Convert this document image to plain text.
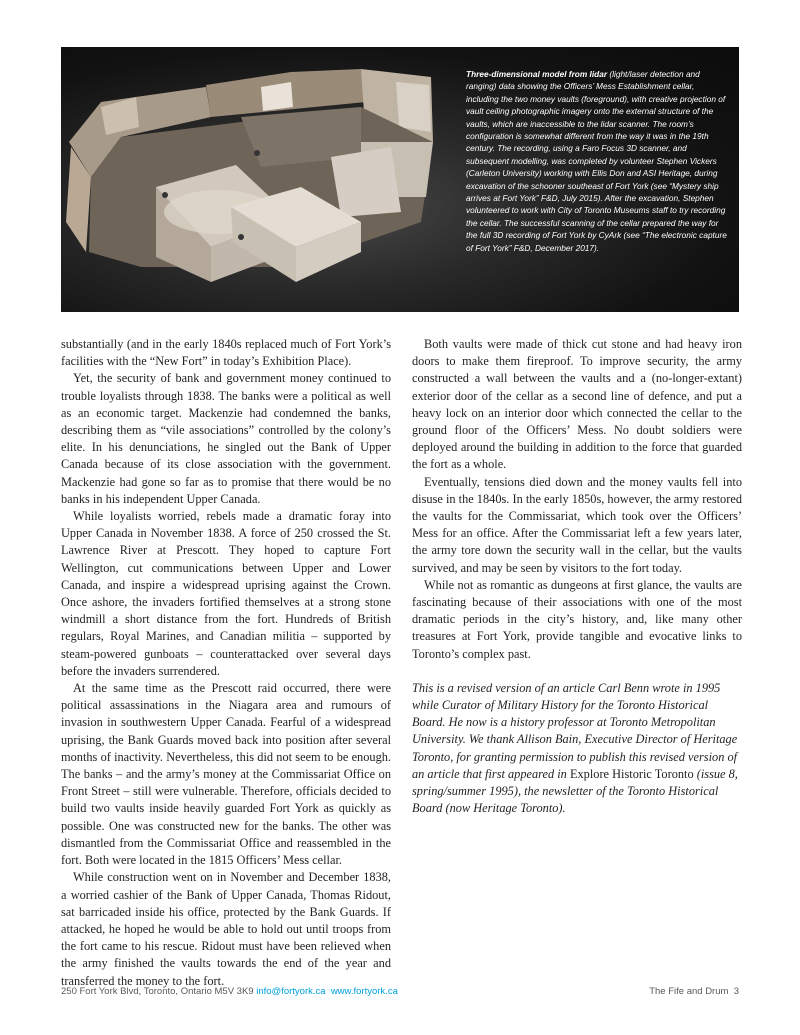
Three-dimensional model from lidar (light/laser detection and ranging) data showing the Officers’ Mess Establishment cellar, including the two money vaults (foreground), with creative projection of vault ceiling photographic imagery onto the external structure of the vaults, which are inaccessible to the lidar scanner. The room’s configuration is somewhat different from the way it was in the 19th century. The recording, using a Faro Focus 3D scanner, and subsequent modelling, was completed by volunteer Stephen Vickers (Carleton University) working with Ellis Don and ASI Heritage, during excavation of the schooner southeast of Fort York (see “Mystery ship arrives at Fort York” F&D, July 2015). After the excavation, Stephen volunteered to work with City of Toronto Museums staff to try recording the cellar. The successful scanning of the cellar prepared the way for the full 3D recording of Fort York by CyArk (see “The electronic capture of Fort York” F&D, December 2017).

substantially (and in the early 1840s replaced much of Fort York’s facilities with the “New Fort” in today’s Exhibition Place).

Yet, the security of bank and government money continued to trouble loyalists through 1838. The banks were a political as well as an economic target. Mackenzie had condemned the banks, describing them as “vile associations” controlled by the colony’s elite. In his denunciations, he singled out the Bank of Upper Canada because of its close association with the government. Mackenzie had gone so far as to promise that there would be no banks in his independent Upper Canada.

While loyalists worried, rebels made a dramatic foray into Upper Canada in November 1838. A force of 250 crossed the St. Lawrence River at Prescott. They hoped to capture Fort Wellington, cut communications between Upper and Lower Canada, and inspire a widespread uprising against the Crown. Once ashore, the invaders fortified themselves at a strong stone windmill a short distance from the fort. Hundreds of British regulars, Royal Marines, and Canadian militia – supported by steam-powered gunboats – counterattacked over several days before the invaders surrendered.

At the same time as the Prescott raid occurred, there were political assassinations in the Niagara area and rumours of invasion in southwestern Upper Canada. Fearful of a widespread uprising, the Bank Guards moved back into position after several months of inactivity. Nevertheless, this did not seem to be enough. The banks – and the army’s money at the Commissariat Office on Front Street – still were vulnerable. Therefore, officials decided to build two vaults inside heavily guarded Fort York as quickly as possible. One was constructed new for the banks. The other was dismantled from the Commissariat Office and reassembled in the fort. Both were located in the 1815 Officers’ Mess cellar.

While construction went on in November and December 1838, a worried cashier of the Bank of Upper Canada, Thomas Ridout, sat barricaded inside his office, protected by the Bank Guards. If attacked, he hoped he would be able to hold out until troops from the fort came to his rescue. Ridout must have been relieved when the army finished the vaults towards the end of the year and transferred the money to the fort.

Both vaults were made of thick cut stone and had heavy iron doors to make them fireproof. To improve security, the army constructed a wall between the vaults and a (no-longer-extant) exterior door of the cellar as a second line of defence, and put a heavy lock on an interior door which connected the cellar to the ground floor of the Officers’ Mess. No doubt soldiers were deployed around the building in addition to the force that guarded the fort as a whole.

Eventually, tensions died down and the money vaults fell into disuse in the 1840s. In the early 1850s, however, the army restored the vaults for the Commissariat, which took over the Officers’ Mess for an office. After the Commissariat left a few years later, the army tore down the security wall in the cellar, but the vaults survived, and may be seen by visitors to the fort today.

While not as romantic as dungeons at first glance, the vaults are fascinating because of their associations with one of the most dramatic periods in the city’s history, and, like many other treasures at Fort York, provide tangible and evocative links to Toronto’s complex past.

This is a revised version of an article Carl Benn wrote in 1995 while Curator of Military History for the Toronto Historical Board. He now is a history professor at Toronto Metropolitan University. We thank Allison Bain, Executive Director of Heritage Toronto, for granting permission to publish this revised version of an article that first appeared in Explore Historic Toronto (issue 8, spring/summer 1995), the newsletter of the Toronto Historical Board (now Heritage Toronto).

250 Fort York Blvd, Toronto, Ontario M5V 3K9 info@fortyork.ca www.fortyork.ca	The Fife and Drum 3
